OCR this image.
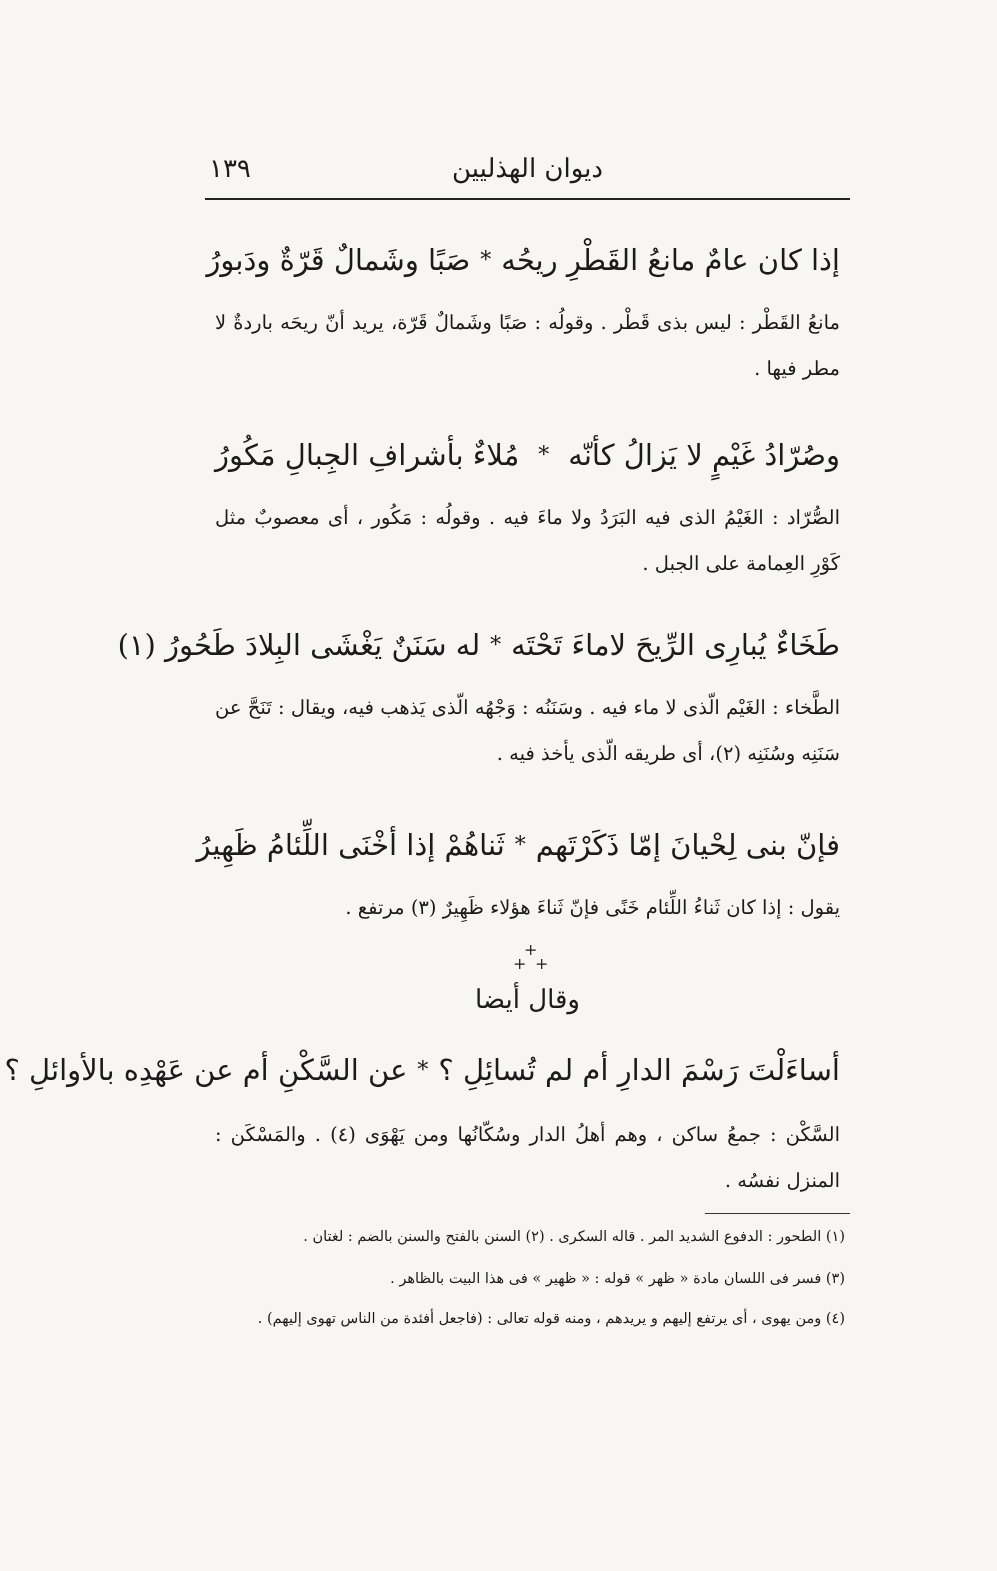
ديوان الهذليين
١٣٩
إذا كان عامٌ مانعُ القَطْرِ ريحُه
*
صَبًا وشَمالٌ قَرّةٌ ودَبورُ
مانعُ القَطْر : ليس بذى قَطْر . وقولُه : صَبًا وشَمالٌ قَرّة، يريد أنّ ريحَه باردةٌ لا مطر فيها .
وصُرّادُ غَيْمٍ لا يَزالُ كأنّه
*
مُلاءٌ بأشرافِ الجِبالِ مَكُورُ
الصُّرّاد : الغَيْمُ الذى فيه البَرَدُ ولا ماءَ فيه . وقولُه : مَكُور ، أى معصوبٌ مثل كَوْرِ العِمامة على الجبل .
طَخَاءٌ يُبارِى الرِّيحَ لاماءَ تَحْتَه
*
له سَنَنٌ يَغْشَى البِلادَ طَحُورُ (١)
الطَّخاء : الغَيْم الّذى لا ماء فيه . وسَنَنُه : وَجْهُه الّذى يَذهب فيه، ويقال : تَنَحَّ عن سَنَنِه وسُنَنِه (٢)، أى طريقه الّذى يأخذ فيه .
فإنّ بنى لِحْيانَ إمّا ذَكَرْتَهم
*
ثَناهُمْ إذا أخْنَى اللِّئامُ ظَهِيرُ
يقول : إذا كان ثَناءُ اللِّئام خَنًى فإنّ ثَناءَ هؤلاء ظَهِيرٌ (٣) مرتفع .
+
+ +
وقال أيضا
أساءَلْتَ رَسْمَ الدارِ أم لم تُسائِلِ ؟
*
عن السَّكْنِ أم عن عَهْدِه بالأوائلِ ؟
السَّكْن : جمعُ ساكن ، وهم أهلُ الدار وسُكّانُها ومن يَهْوَى (٤) . والمَسْكَن : المنزل نفسُه .
(١) الطحور : الدفوع الشديد المر . قاله السكرى . (٢) السنن بالفتح والسنن بالضم : لغتان .
(٣) فسر فى اللسان مادة « ظهر » قوله : « ظهير » فى هذا البيت بالظاهر .
(٤) ومن يهوى ، أى يرتفع إليهم و يريدهم ، ومنه قوله تعالى : (فاجعل أفئدة من الناس تهوى إليهم) .
